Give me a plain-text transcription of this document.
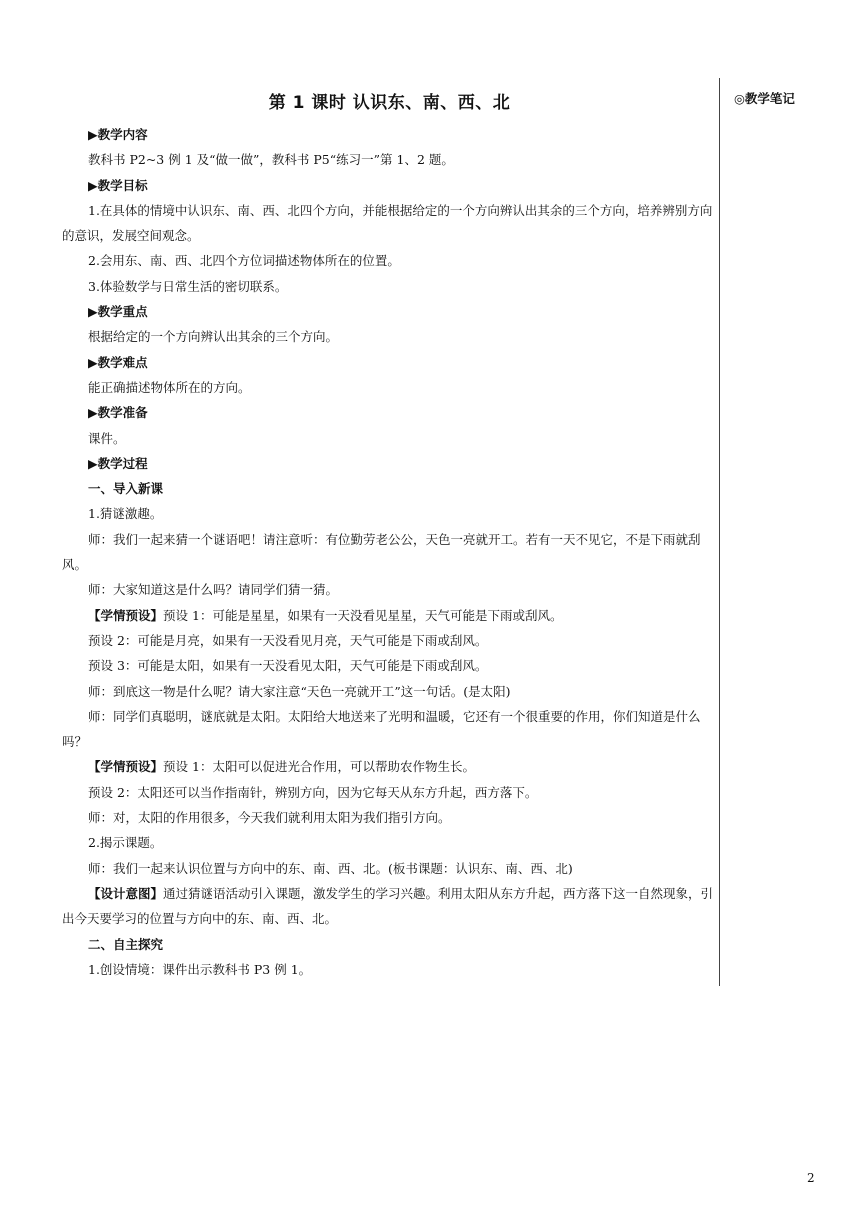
◎教学笔记
第 1 课时 认识东、南、西、北

▶教学内容

教科书 P2~3 例 1 及“做一做”，教科书 P5“练习一”第 1、2 题。

▶教学目标

1.在具体的情境中认识东、南、西、北四个方向，并能根据给定的一个方向辨认出其余的三个方向，培养辨别方向的意识，发展空间观念。

2.会用东、南、西、北四个方位词描述物体所在的位置。

3.体验数学与日常生活的密切联系。

▶教学重点

根据给定的一个方向辨认出其余的三个方向。

▶教学难点

能正确描述物体所在的方向。

▶教学准备

课件。

▶教学过程

一、导入新课

1.猜谜激趣。

师：我们一起来猜一个谜语吧！请注意听：有位勤劳老公公，天色一亮就开工。若有一天不见它，不是下雨就刮风。

师：大家知道这是什么吗？请同学们猜一猜。

【学情预设】预设 1：可能是星星，如果有一天没看见星星，天气可能是下雨或刮风。

预设 2：可能是月亮，如果有一天没看见月亮，天气可能是下雨或刮风。

预设 3：可能是太阳，如果有一天没看见太阳，天气可能是下雨或刮风。

师：到底这一物是什么呢？请大家注意“天色一亮就开工”这一句话。(是太阳)

师：同学们真聪明，谜底就是太阳。太阳给大地送来了光明和温暖，它还有一个很重要的作用，你们知道是什么吗？

【学情预设】预设 1：太阳可以促进光合作用，可以帮助农作物生长。

预设 2：太阳还可以当作指南针，辨别方向，因为它每天从东方升起，西方落下。

师：对，太阳的作用很多，今天我们就利用太阳为我们指引方向。

2.揭示课题。

师：我们一起来认识位置与方向中的东、南、西、北。(板书课题：认识东、南、西、北)

【设计意图】通过猜谜语活动引入课题，激发学生的学习兴趣。利用太阳从东方升起，西方落下这一自然现象，引出今天要学习的位置与方向中的东、南、西、北。

二、自主探究

1.创设情境：课件出示教科书 P3 例 1。

2
